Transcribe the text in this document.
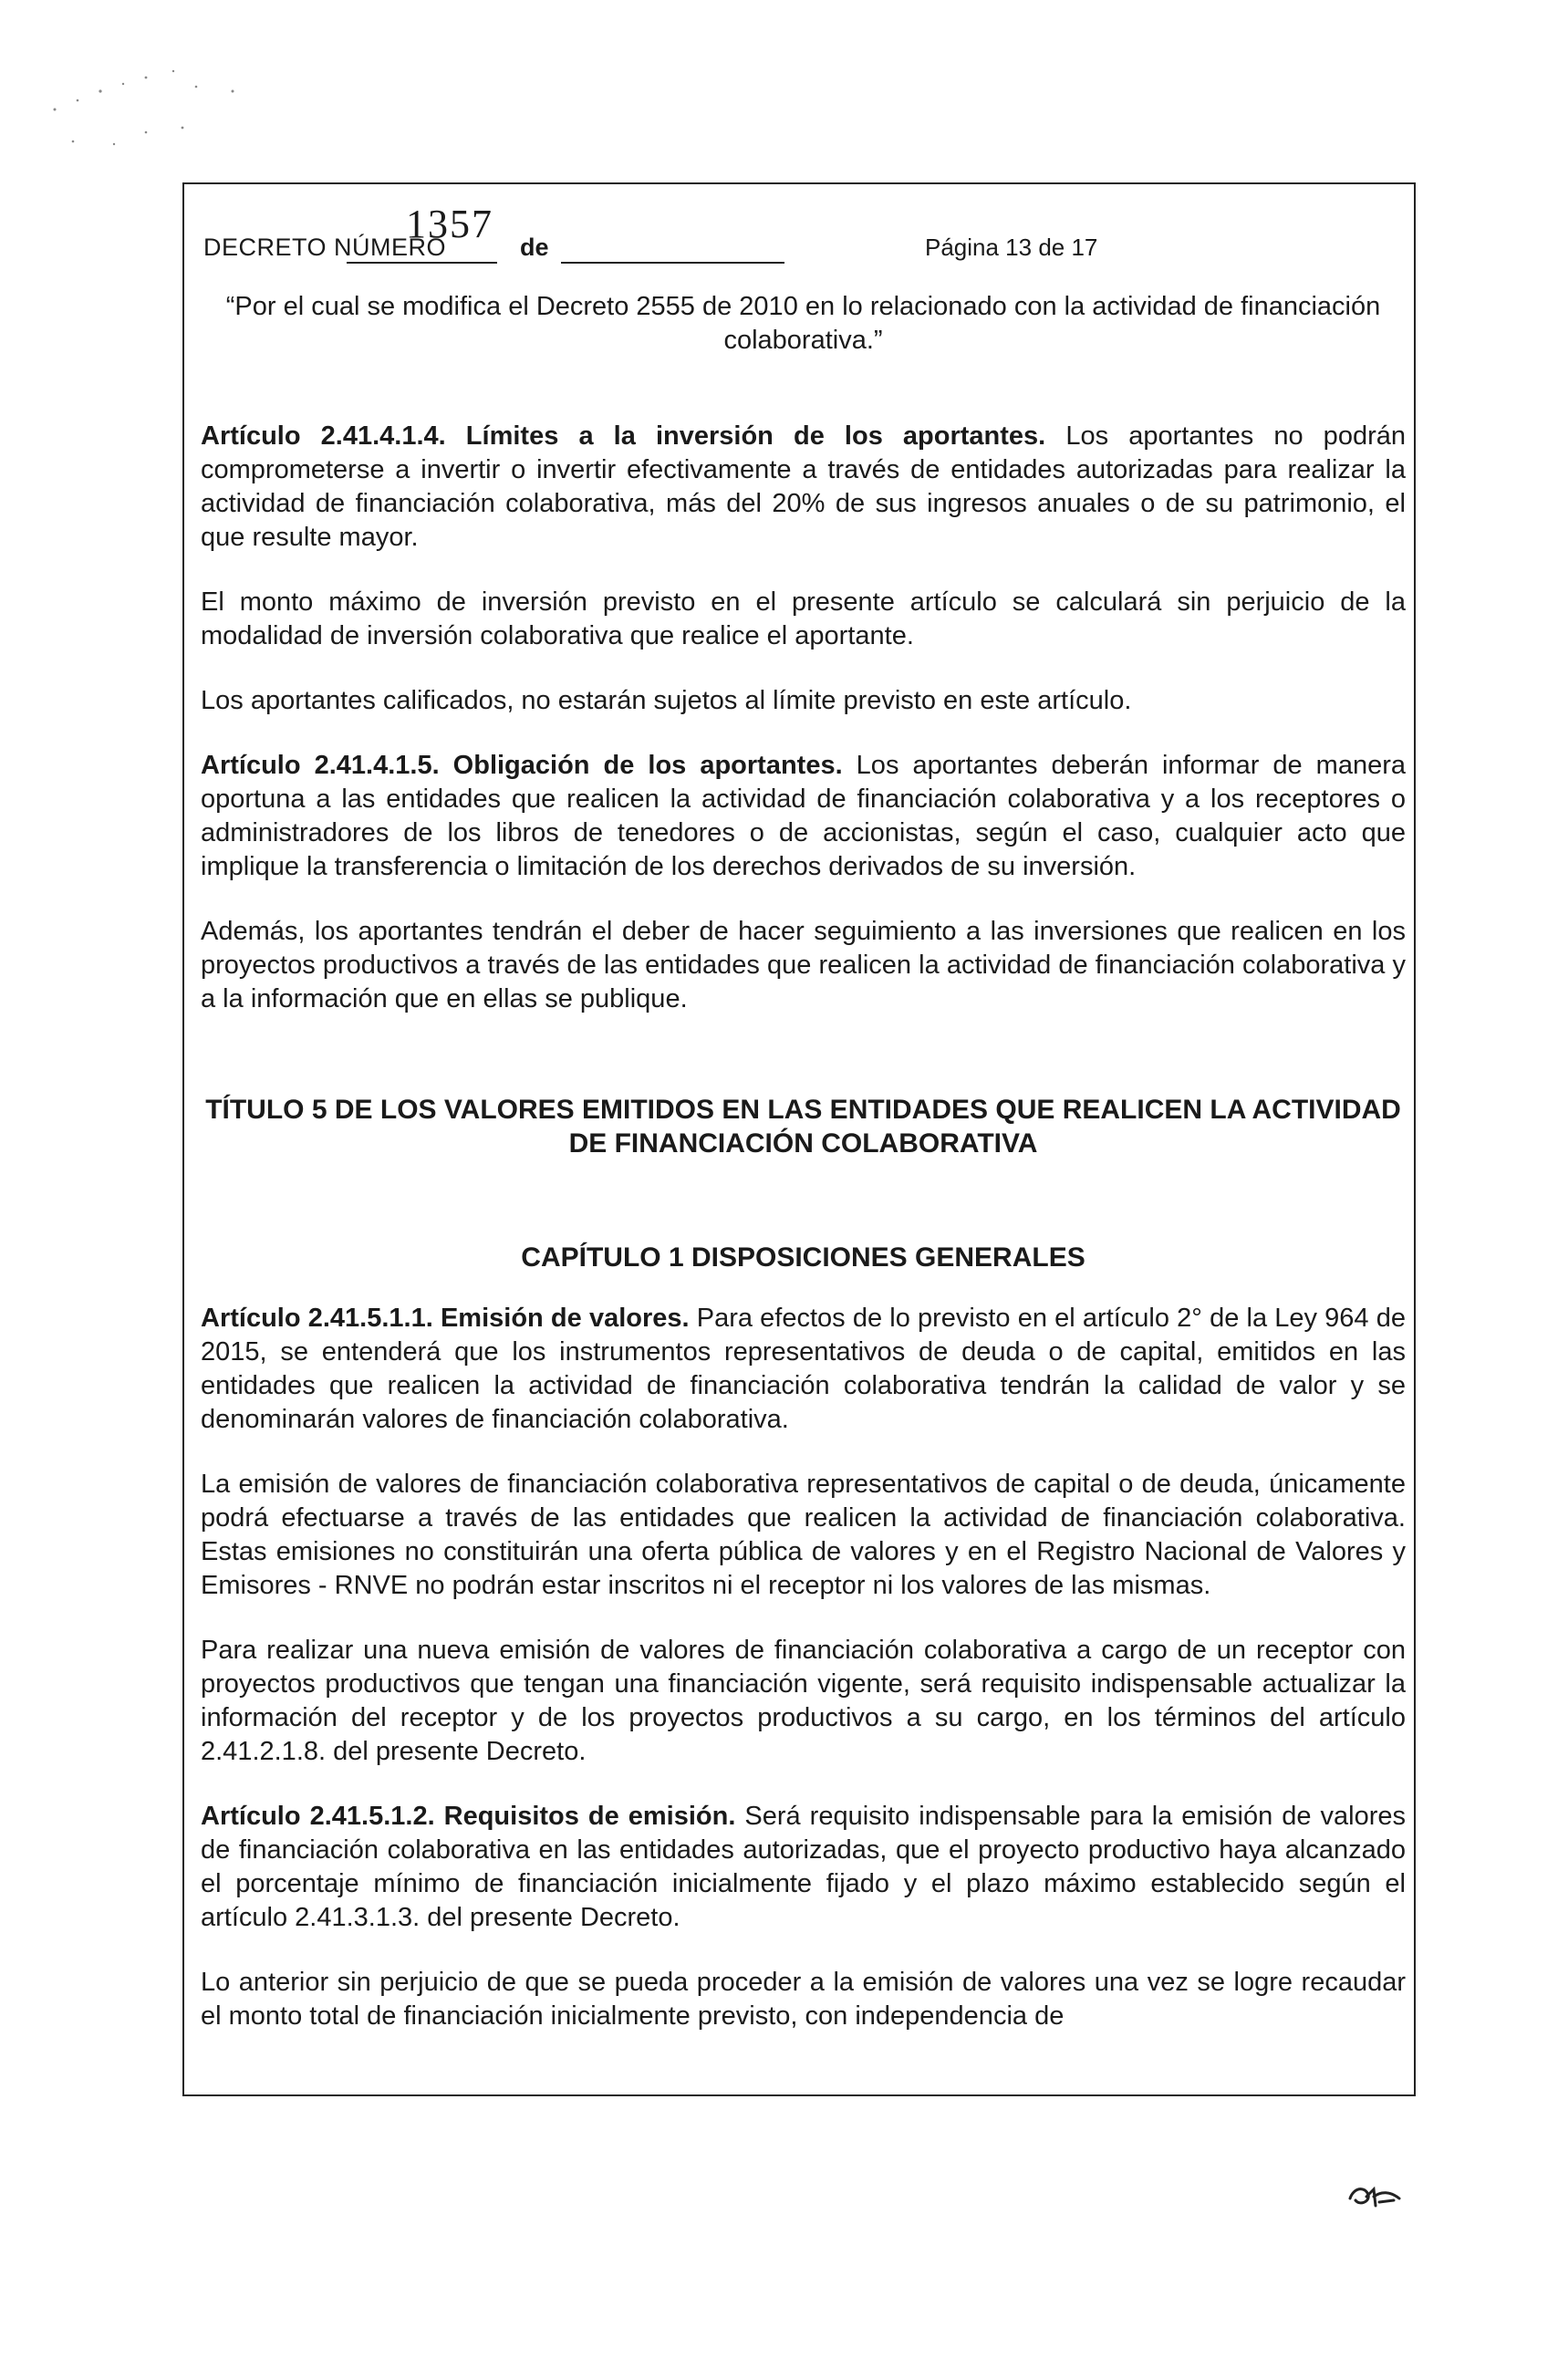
DECRETO NÚMERO
1357
de	Página 13 de 17

“Por el cual se modifica el Decreto 2555 de 2010 en lo relacionado con la actividad de financiación colaborativa.”

Artículo 2.41.4.1.4. Límites a la inversión de los aportantes. Los aportantes no podrán comprometerse a invertir o invertir efectivamente a través de entidades autorizadas para realizar la actividad de financiación colaborativa, más del 20% de sus ingresos anuales o de su patrimonio, el que resulte mayor.

El monto máximo de inversión previsto en el presente artículo se calculará sin perjuicio de la modalidad de inversión colaborativa que realice el aportante.

Los aportantes calificados, no estarán sujetos al límite previsto en este artículo.

Artículo 2.41.4.1.5. Obligación de los aportantes. Los aportantes deberán informar de manera oportuna a las entidades que realicen la actividad de financiación colaborativa y a los receptores o administradores de los libros de tenedores o de accionistas, según el caso, cualquier acto que implique la transferencia o limitación de los derechos derivados de su inversión.

Además, los aportantes tendrán el deber de hacer seguimiento a las inversiones que realicen en los proyectos productivos a través de las entidades que realicen la actividad de financiación colaborativa y a la información que en ellas se publique.

TÍTULO 5 DE LOS VALORES EMITIDOS EN LAS ENTIDADES QUE REALICEN LA ACTIVIDAD DE FINANCIACIÓN COLABORATIVA

CAPÍTULO 1 DISPOSICIONES GENERALES

Artículo 2.41.5.1.1. Emisión de valores. Para efectos de lo previsto en el artículo 2° de la Ley 964 de 2015, se entenderá que los instrumentos representativos de deuda o de capital, emitidos en las entidades que realicen la actividad de financiación colaborativa tendrán la calidad de valor y se denominarán valores de financiación colaborativa.

La emisión de valores de financiación colaborativa representativos de capital o de deuda, únicamente podrá efectuarse a través de las entidades que realicen la actividad de financiación colaborativa. Estas emisiones no constituirán una oferta pública de valores y en el Registro Nacional de Valores y Emisores - RNVE no podrán estar inscritos ni el receptor ni los valores de las mismas.

Para realizar una nueva emisión de valores de financiación colaborativa a cargo de un receptor con proyectos productivos que tengan una financiación vigente, será requisito indispensable actualizar la información del receptor y de los proyectos productivos a su cargo, en los términos del artículo 2.41.2.1.8. del presente Decreto.

Artículo 2.41.5.1.2. Requisitos de emisión. Será requisito indispensable para la emisión de valores de financiación colaborativa en las entidades autorizadas, que el proyecto productivo haya alcanzado el porcentaje mínimo de financiación inicialmente fijado y el plazo máximo establecido según el artículo 2.41.3.1.3. del presente Decreto.

Lo anterior sin perjuicio de que se pueda proceder a la emisión de valores una vez se logre recaudar el monto total de financiación inicialmente previsto, con independencia de
